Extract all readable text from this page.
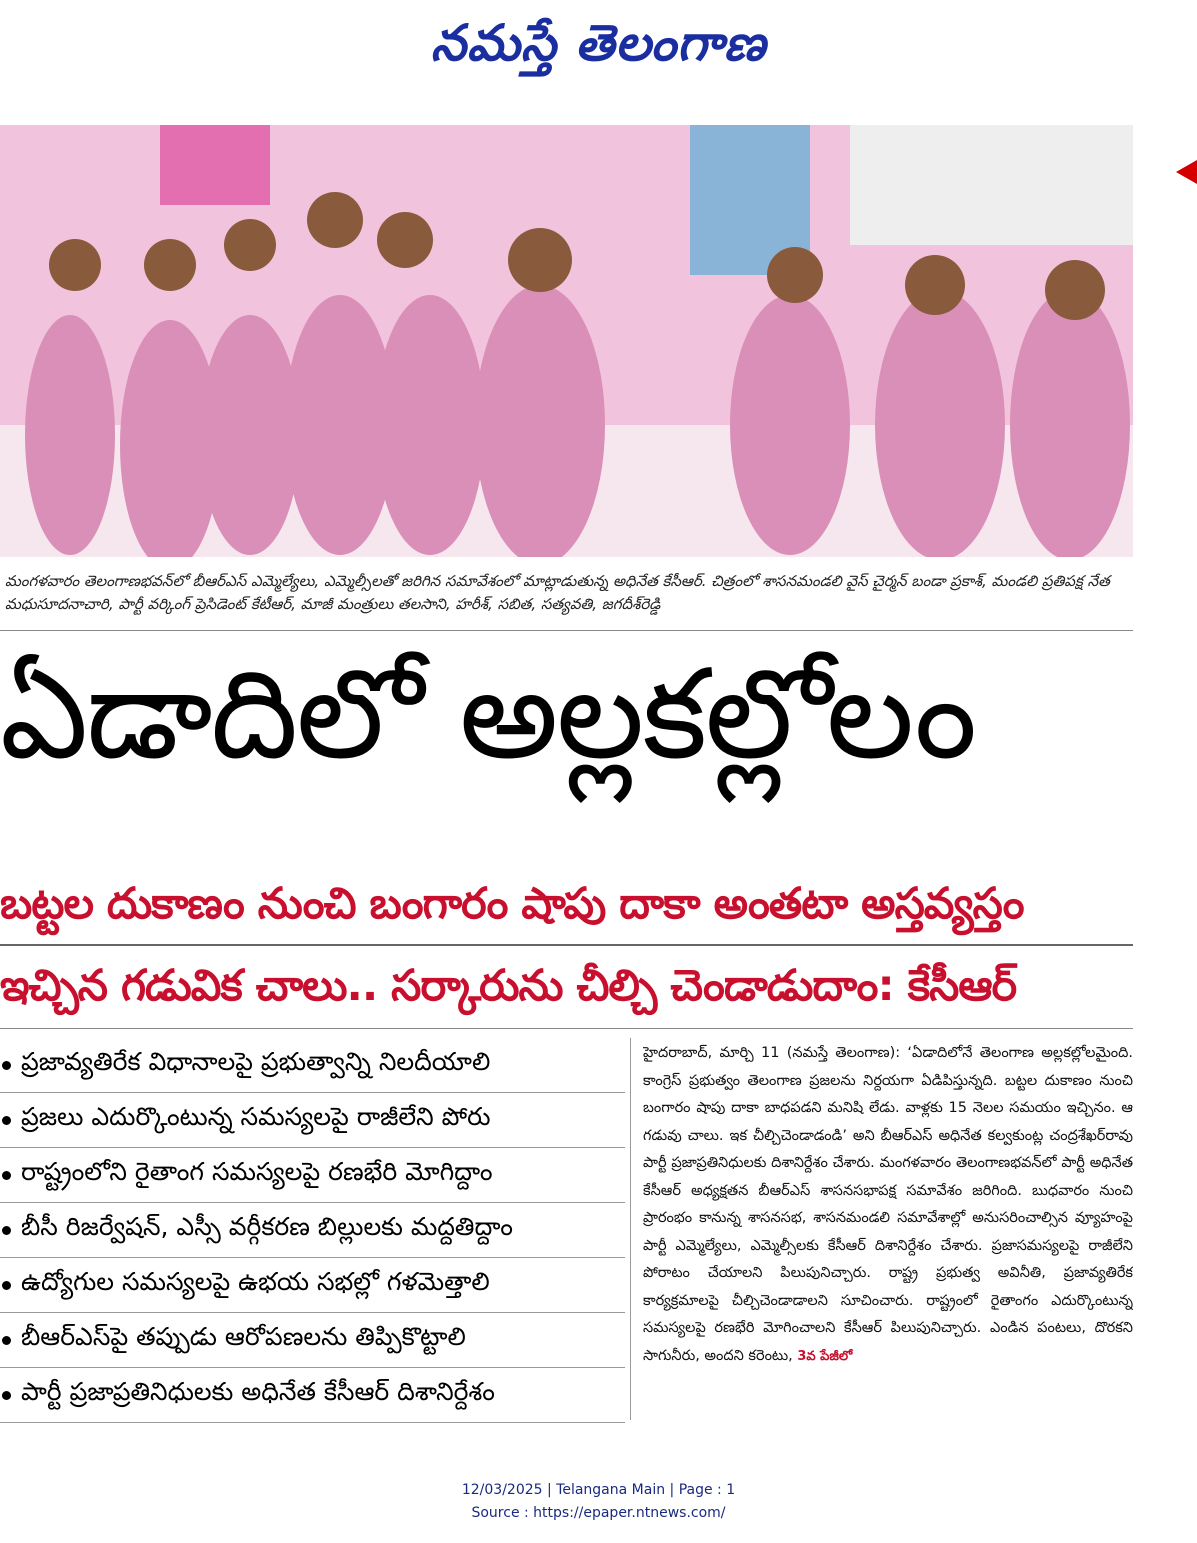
నమస్తే తెలంగాణ
మంగళవారం తెలంగాణభవన్‌లో బీఆర్‌ఎస్ ఎమ్మెల్యేలు, ఎమ్మెల్సీలతో జరిగిన సమావేశంలో మాట్లాడుతున్న అధినేత కేసీఆర్. చిత్రంలో శాసనమండలి వైస్ చైర్మన్ బండా ప్రకాశ్, మండలి ప్రతిపక్ష నేత మధుసూదనాచారి, పార్టీ వర్కింగ్ ప్రెసిడెంట్ కేటీఆర్, మాజీ మంత్రులు తలసాని, హరీశ్, సబిత, సత్యవతి, జగదీశ్‌రెడ్డి
ఏడాదిలో అల్లకల్లోలం
బట్టల దుకాణం నుంచి బంగారం షాపు దాకా అంతటా అస్తవ్యస్తం
ఇచ్చిన గడువిక చాలు.. సర్కారును చీల్చి చెండాడుదాం: కేసీఆర్
ప్రజావ్యతిరేక విధానాలపై ప్రభుత్వాన్ని నిలదీయాలి
ప్రజలు ఎదుర్కొంటున్న సమస్యలపై రాజీలేని పోరు
రాష్ట్రంలోని రైతాంగ సమస్యలపై రణభేరి మోగిద్దాం
బీసీ రిజర్వేషన్, ఎస్సీ వర్గీకరణ బిల్లులకు మద్దతిద్దాం
ఉద్యోగుల సమస్యలపై ఉభయ సభల్లో గళమెత్తాలి
బీఆర్‌ఎస్‌పై తప్పుడు ఆరోపణలను తిప్పికొట్టాలి
పార్టీ ప్రజాప్రతినిధులకు అధినేత కేసీఆర్ దిశానిర్దేశం
హైదరాబాద్, మార్చి 11 (నమస్తే తెలంగాణ): ‘ఏడాదిలోనే తెలంగాణ అల్లకల్లోలమైంది. కాంగ్రెస్ ప్రభుత్వం తెలంగాణ ప్రజలను నిర్దయగా ఏడిపిస్తున్నది. బట్టల దుకాణం నుంచి బంగారం షాపు దాకా బాధపడని మనిషి లేడు. వాళ్లకు 15 నెలల సమయం ఇచ్చినం. ఆ గడువు చాలు. ఇక చీల్చిచెండాడండి’ అని బీఆర్‌ఎస్ అధినేత కల్వకుంట్ల చంద్రశేఖర్‌రావు పార్టీ ప్రజాప్రతినిధులకు దిశానిర్దేశం చేశారు. మంగళవారం తెలంగాణభవన్‌లో పార్టీ అధినేత కేసీఆర్ అధ్యక్షతన బీఆర్‌ఎస్ శాసనసభాపక్ష సమావేశం జరిగింది. బుధవారం నుంచి ప్రారంభం కానున్న శాసనసభ, శాసనమండలి సమావేశాల్లో అనుసరించాల్సిన వ్యూహంపై పార్టీ ఎమ్మెల్యేలు, ఎమ్మెల్సీలకు కేసీఆర్ దిశానిర్దేశం చేశారు. ప్రజాసమస్యలపై రాజీలేని పోరాటం చేయాలని పిలుపునిచ్చారు. రాష్ట్ర ప్రభుత్వ అవినీతి, ప్రజావ్యతిరేక కార్యక్రమాలపై చీల్చిచెండాడాలని సూచించారు. రాష్ట్రంలో రైతాంగం ఎదుర్కొంటున్న సమస్యలపై రణభేరి మోగించాలని కేసీఆర్ పిలుపునిచ్చారు. ఎండిన పంటలు, దొరకని సాగునీరు, అందని కరెంటు, 3వ పేజీలో
12/03/2025 | Telangana Main | Page : 1
Source : https://epaper.ntnews.com/
